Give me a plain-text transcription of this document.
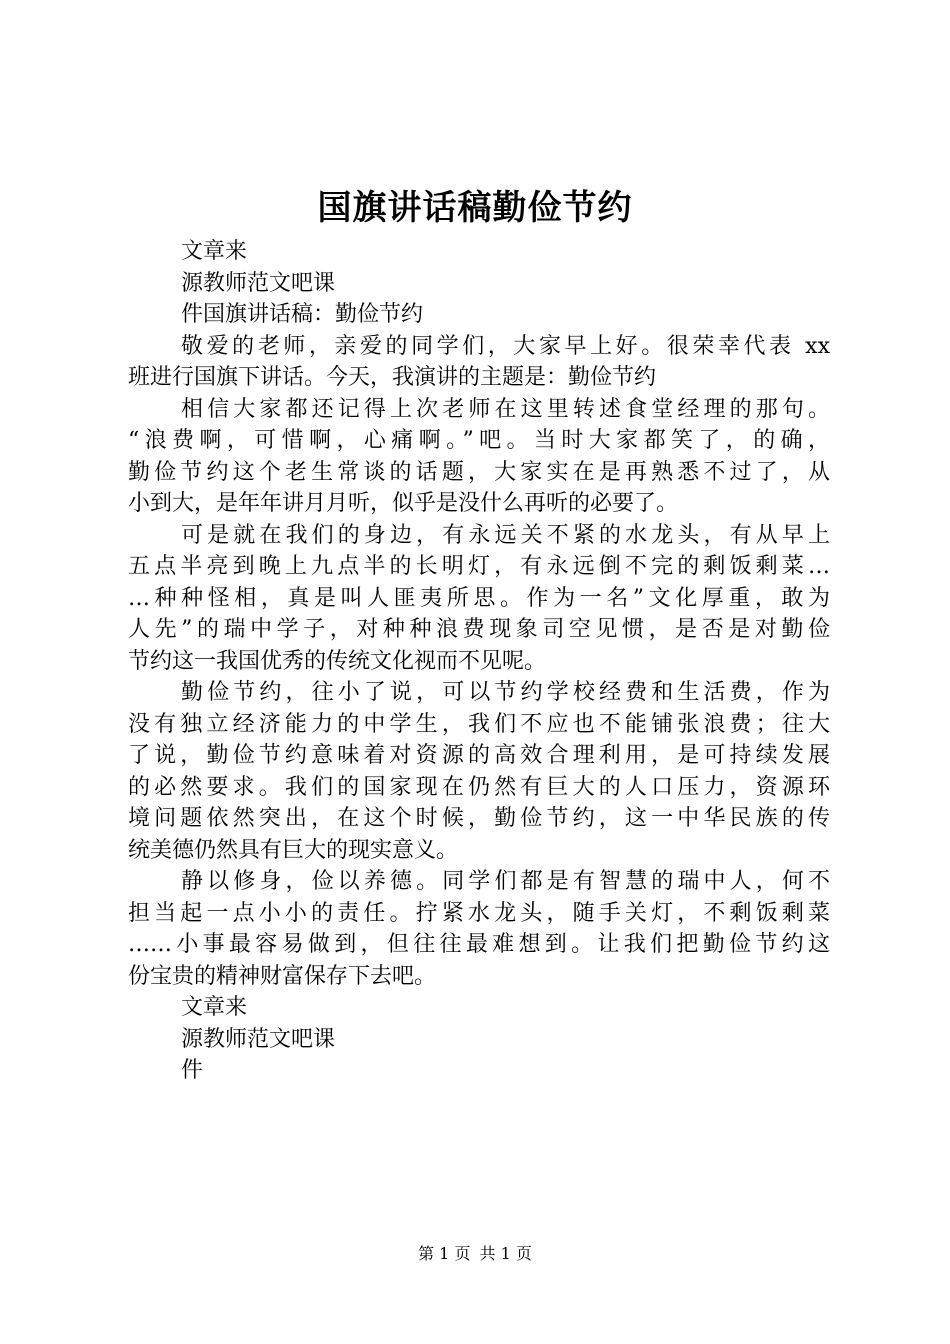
国旗讲话稿勤俭节约
文章来
源教师范文吧课
件国旗讲话稿：勤俭节约
敬爱的老师，亲爱的同学们，大家早上好。很荣幸代表 xx
班进行国旗下讲话。今天，我演讲的主题是：勤俭节约
相信大家都还记得上次老师在这里转述食堂经理的那句。
“浪费啊，可惜啊，心痛啊。”吧。当时大家都笑了，的确，
勤俭节约这个老生常谈的话题，大家实在是再熟悉不过了，从
小到大，是年年讲月月听，似乎是没什么再听的必要了。
可是就在我们的身边，有永远关不紧的水龙头，有从早上
五点半亮到晚上九点半的长明灯，有永远倒不完的剩饭剩菜…
…种种怪相，真是叫人匪夷所思。作为一名”文化厚重，敢为
人先”的瑞中学子，对种种浪费现象司空见惯，是否是对勤俭
节约这一我国优秀的传统文化视而不见呢。
勤俭节约，往小了说，可以节约学校经费和生活费，作为
没有独立经济能力的中学生，我们不应也不能铺张浪费；往大
了说，勤俭节约意味着对资源的高效合理利用，是可持续发展
的必然要求。我们的国家现在仍然有巨大的人口压力，资源环
境问题依然突出，在这个时候，勤俭节约，这一中华民族的传
统美德仍然具有巨大的现实意义。
静以修身，俭以养德。同学们都是有智慧的瑞中人，何不
担当起一点小小的责任。拧紧水龙头，随手关灯，不剩饭剩菜
……小事最容易做到，但往往最难想到。让我们把勤俭节约这
份宝贵的精神财富保存下去吧。
文章来
源教师范文吧课
件
第 1 页 共 1 页
